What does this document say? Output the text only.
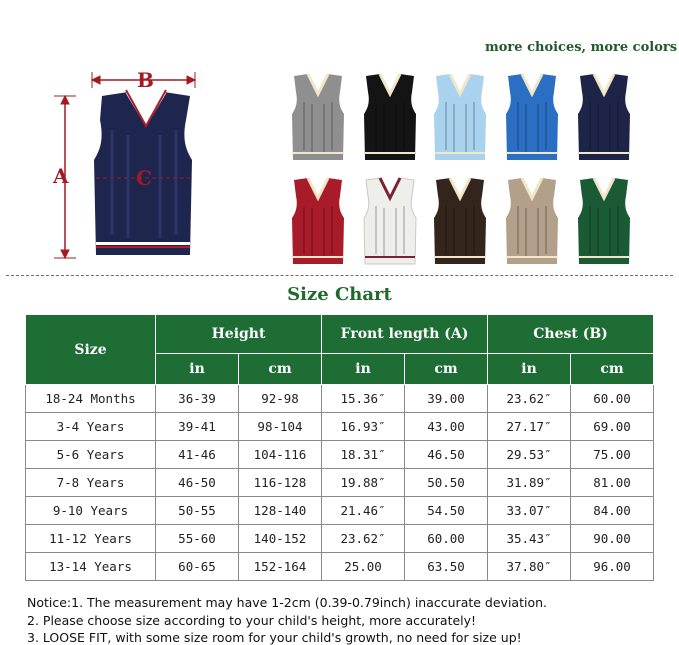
B
A	C
more choices, more colors
Size Chart
Size	Height		Front length (A)		Chest (B)	
	in	cm	in	cm	in	cm
18-24 Months	36-39	92-98	15.36″	39.00	23.62″	60.00
3-4 Years	39-41	98-104	16.93″	43.00	27.17″	69.00
5-6 Years	41-46	104-116	18.31″	46.50	29.53″	75.00
7-8 Years	46-50	116-128	19.88″	50.50	31.89″	81.00
9-10 Years	50-55	128-140	21.46″	54.50	33.07″	84.00
11-12 Years	55-60	140-152	23.62″	60.00	35.43″	90.00
13-14 Years	60-65	152-164	25.00	63.50	37.80″	96.00
Notice:1. The measurement may have 1-2cm (0.39-0.79inch) inaccurate deviation.
2. Please choose size according to your child's height, more accurately!
3. LOOSE FIT, with some size room for your child's growth, no need for size up!
